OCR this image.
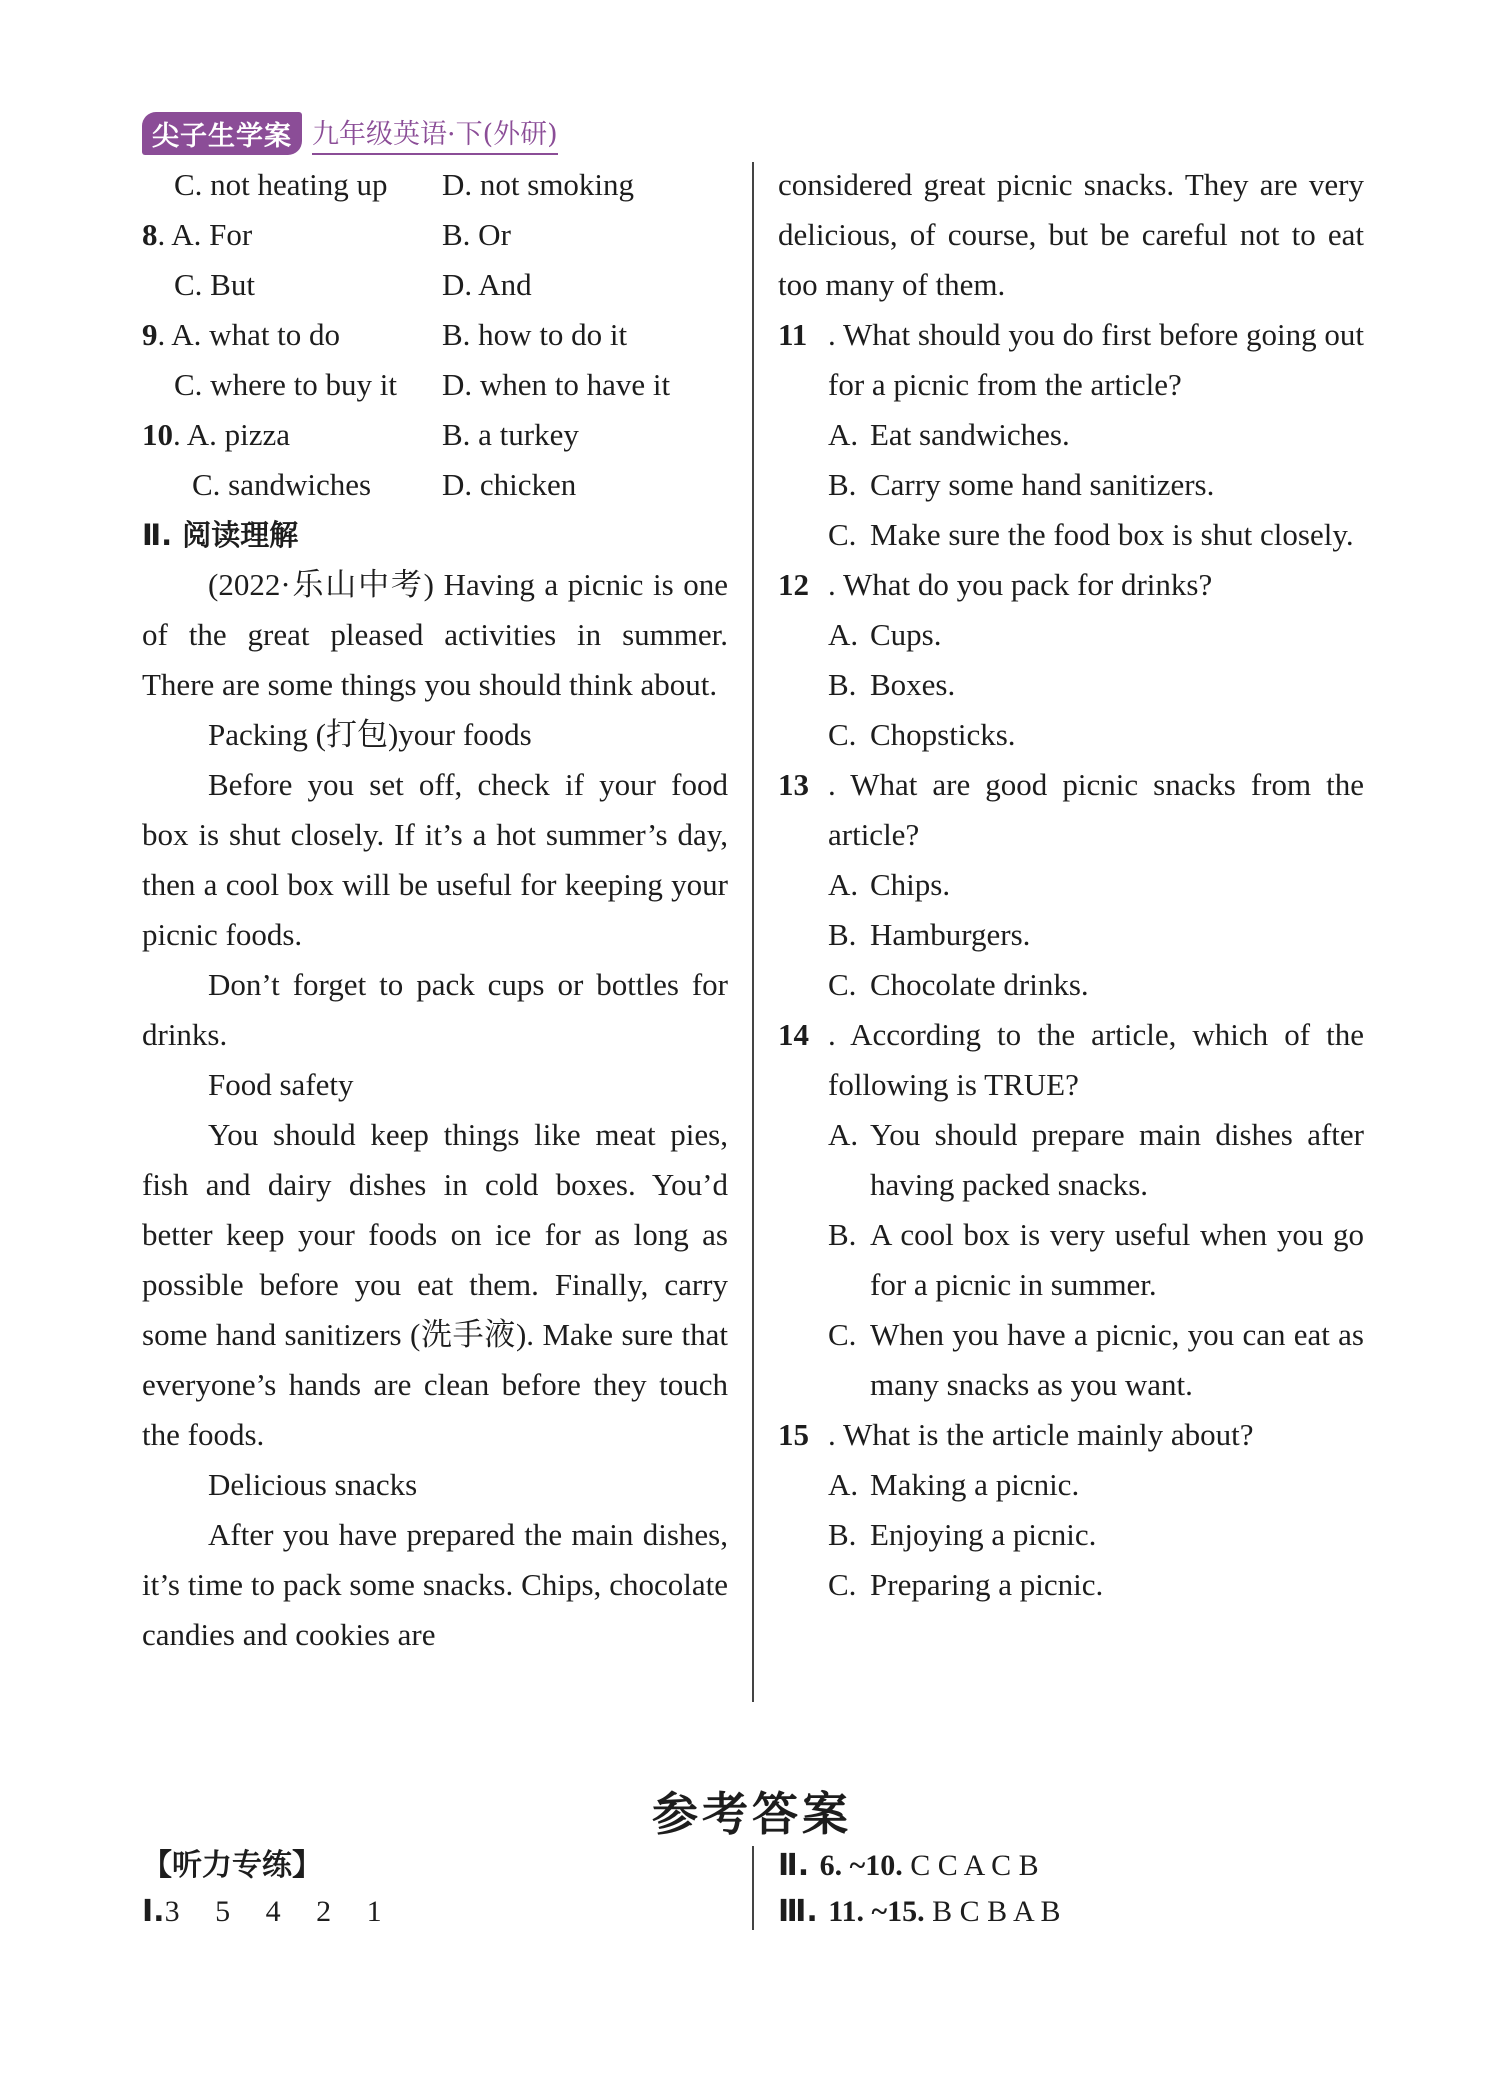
尖子生学案 九年级英语·下(外研)
C. not heating up	D. not smoking
8. A. For	B. Or
C. But	D. And
9. A. what to do	B. how to do it
C. where to buy it	D. when to have it
10. A. pizza	B. a turkey
C. sandwiches	D. chicken
Ⅱ. 阅读理解
(2022·乐山中考) Having a picnic is one of the great pleased activities in summer. There are some things you should think about.
Packing (打包)your foods
Before you set off, check if your food box is shut closely. If it’s a hot summer’s day, then a cool box will be useful for keeping your picnic foods.
Don’t forget to pack cups or bottles for drinks.
Food safety
You should keep things like meat pies, fish and dairy dishes in cold boxes. You’d better keep your foods on ice for as long as possible before you eat them. Finally, carry some hand sanitizers (洗手液). Make sure that everyone’s hands are clean before they touch the foods.
Delicious snacks
After you have prepared the main dishes, it’s time to pack some snacks. Chips, chocolate candies and cookies are
considered great picnic snacks. They are very delicious, of course, but be careful not to eat too many of them.
11 . What should you do first before going out for a picnic from the article?
A. Eat sandwiches.
B. Carry some hand sanitizers.
C. Make sure the food box is shut closely.
12 . What do you pack for drinks?
A. Cups.
B. Boxes.
C. Chopsticks.
13 . What are good picnic snacks from the article?
A. Chips.
B. Hamburgers.
C. Chocolate drinks.
14 . According to the article, which of the following is TRUE?
A. You should prepare main dishes after having packed snacks.
B. A cool box is very useful when you go for a picnic in summer.
C. When you have a picnic, you can eat as many snacks as you want.
15 . What is the article mainly about?
A. Making a picnic.
B. Enjoying a picnic.
C. Preparing a picnic.
参考答案
【听力专练】
Ⅰ.3 5 4 2 1
Ⅱ. 6. ~10. C C A C B
Ⅲ. 11. ~15. B C B A B
